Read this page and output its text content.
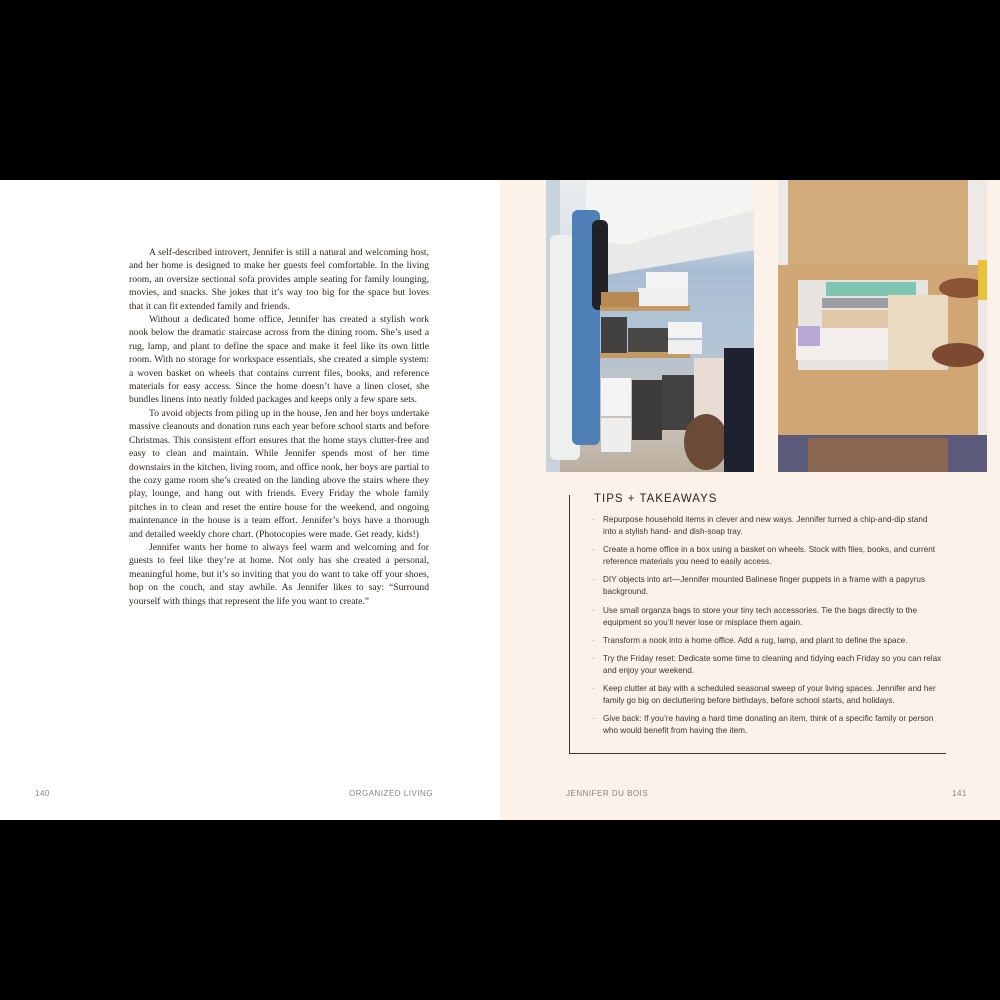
A self-described introvert, Jennifer is still a natural and welcoming host, and her home is designed to make her guests feel comfortable. In the living room, an oversize sectional sofa provides ample seating for family lounging, movies, and snacks. She jokes that it’s way too big for the space but loves that it can fit extended family and friends.

Without a dedicated home office, Jennifer has created a stylish work nook below the dramatic staircase across from the dining room. She’s used a rug, lamp, and plant to define the space and make it feel like its own little room. With no storage for workspace essentials, she created a simple system: a woven basket on wheels that contains current files, books, and reference materials for easy access. Since the home doesn’t have a linen closet, she bundles linens into neatly folded packages and keeps only a few spare sets.

To avoid objects from piling up in the house, Jen and her boys undertake massive cleanouts and donation runs each year before school starts and before Christmas. This consistent effort ensures that the home stays clutter-free and easy to clean and maintain. While Jennifer spends most of her time downstairs in the kitchen, living room, and office nook, her boys are partial to the cozy game room she’s created on the landing above the stairs where they play, lounge, and hang out with friends. Every Friday the whole family pitches in to clean and reset the entire house for the weekend, and ongoing maintenance in the house is a team effort. Jennifer’s boys have a thorough and detailed weekly chore chart. (Photocopies were made. Get ready, kids!)

Jennifer wants her home to always feel warm and welcoming and for guests to feel like they’re at home. Not only has she created a personal, meaningful home, but it’s so inviting that you do want to take off your shoes, hop on the couch, and stay awhile. As Jennifer likes to say: “Surround yourself with things that represent the life you want to create.”

140	ORGANIZED LIVING
TIPS + TAKEAWAYS
· Repurpose household items in clever and new ways. Jennifer turned a chip-and-dip stand into a stylish hand- and dish-soap tray.
· Create a home office in a box using a basket on wheels. Stock with files, books, and current reference materials you need to easily access.
· DIY objects into art—Jennifer mounted Balinese finger puppets in a frame with a papyrus background.
· Use small organza bags to store your tiny tech accessories. Tie the bags directly to the equipment so you’ll never lose or misplace them again.
· Transform a nook into a home office. Add a rug, lamp, and plant to define the space.
· Try the Friday reset: Dedicate some time to cleaning and tidying each Friday so you can relax and enjoy your weekend.
· Keep clutter at bay with a scheduled seasonal sweep of your living spaces. Jennifer and her family go big on decluttering before birthdays, before school starts, and holidays.
· Give back: If you’re having a hard time donating an item, think of a specific family or person who would benefit from having the item.
JENNIFER DU BOIS	141
